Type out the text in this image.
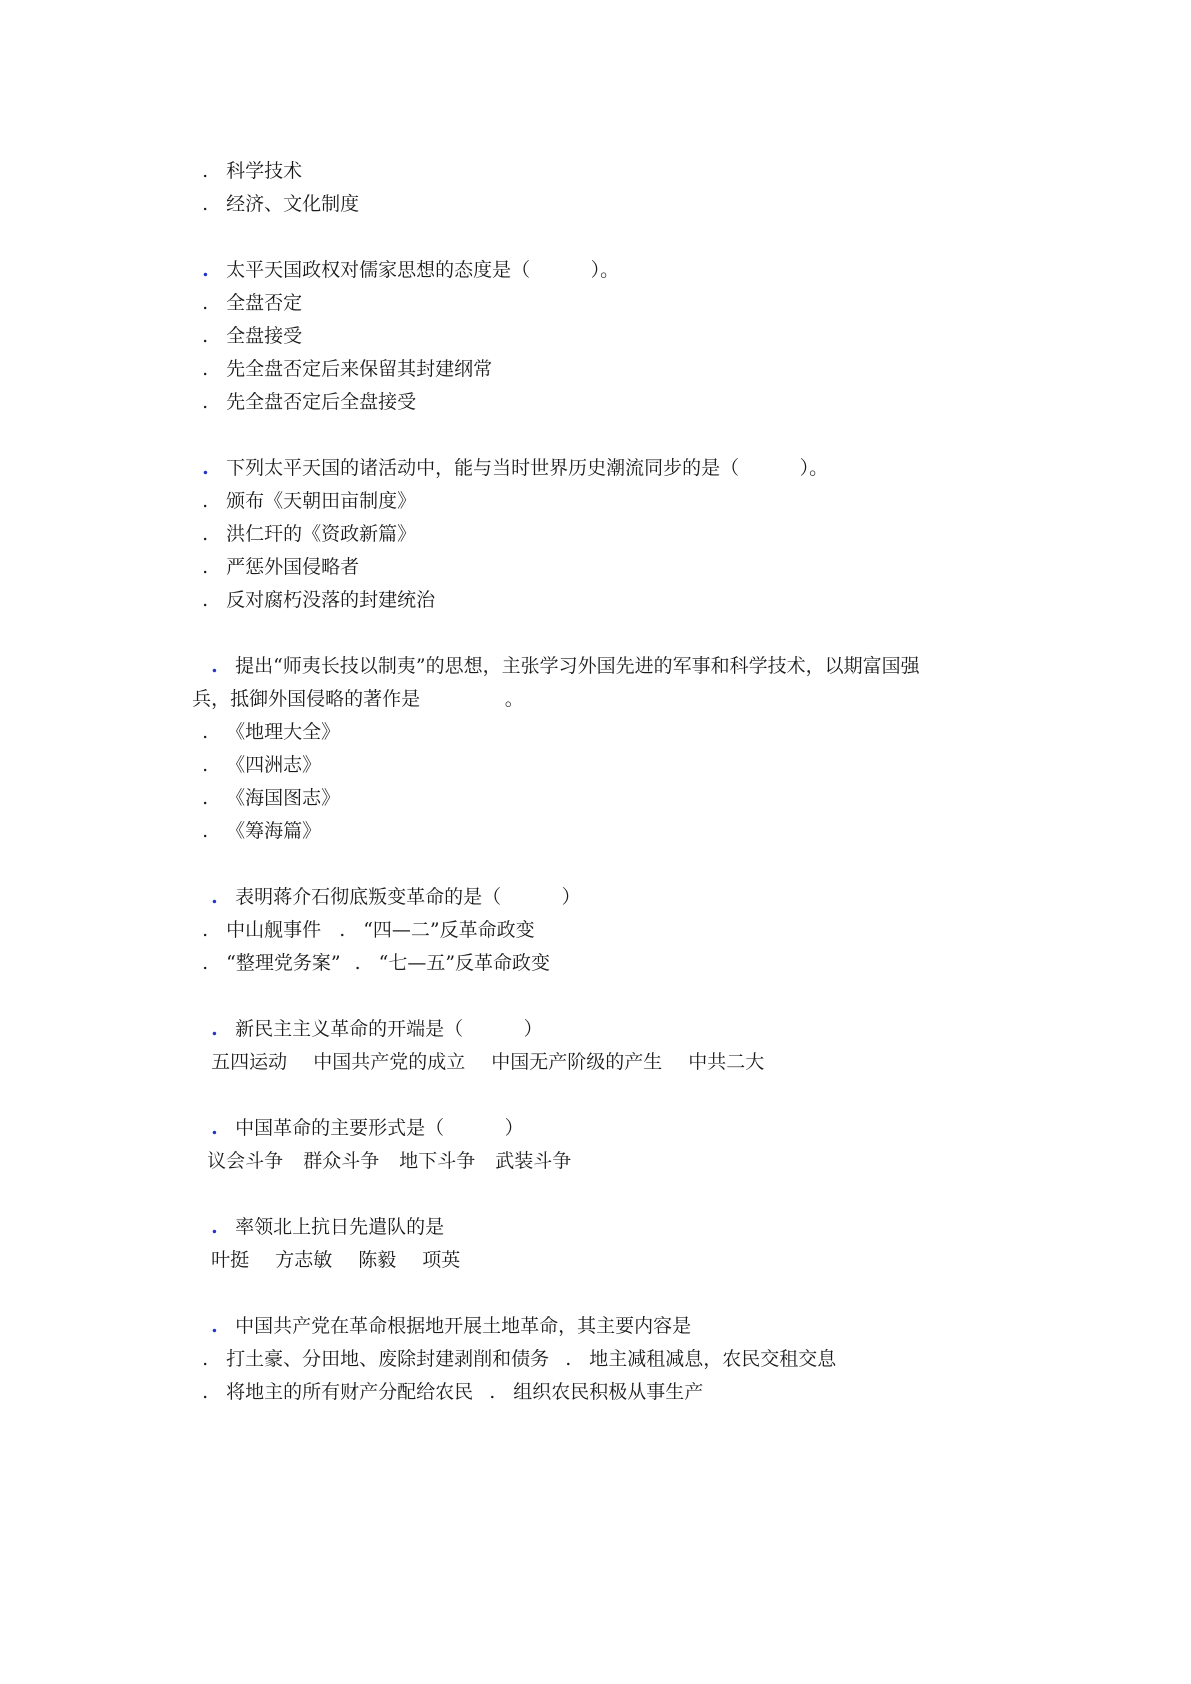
. 科学技术

. 经济、文化制度

. 太平天国政权对儒家思想的态度是（          ）。

. 全盘否定

. 全盘接受

. 先全盘否定后来保留其封建纲常

. 先全盘否定后全盘接受

. 下列太平天国的诸活动中，能与当时世界历史潮流同步的是（          ）。

. 颁布《天朝田亩制度》

. 洪仁玕的《资政新篇》

. 严惩外国侵略者

. 反对腐朽没落的封建统治

. 提出“师夷长技以制夷”的思想，主张学习外国先进的军事和科学技术，以期富国强

兵，抵御外国侵略的著作是              。

. 《地理大全》

. 《四洲志》

. 《海国图志》

. 《筹海篇》

. 表明蒋介石彻底叛变革命的是（          ）

. 中山舰事件 . “四—二”反革命政变

. “整理党务案” . “七—五”反革命政变

. 新民主主义革命的开端是（          ）

五四运动 中国共产党的成立 中国无产阶级的产生 中共二大

. 中国革命的主要形式是（          ）

议会斗争 群众斗争 地下斗争 武装斗争

. 率领北上抗日先遣队的是

叶挺 方志敏 陈毅 项英

. 中国共产党在革命根据地开展土地革命，其主要内容是

. 打土豪、分田地、废除封建剥削和债务 . 地主减租减息，农民交租交息

. 将地主的所有财产分配给农民 . 组织农民积极从事生产
